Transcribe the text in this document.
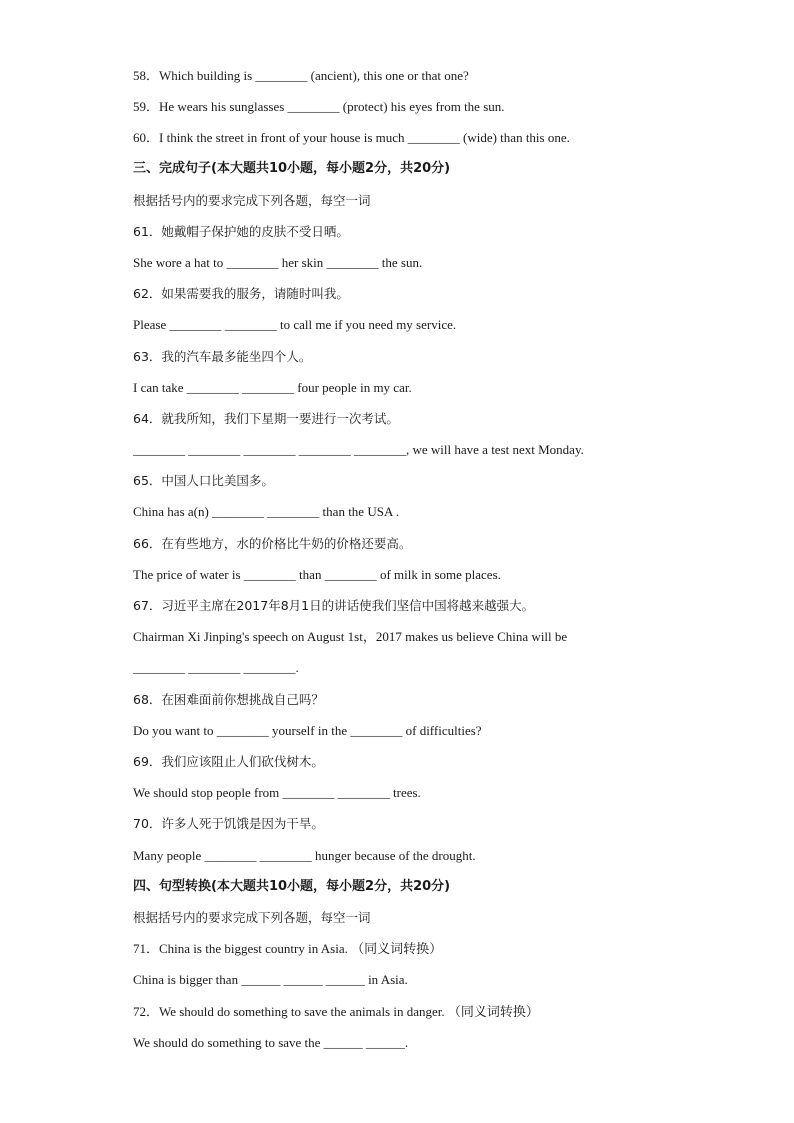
58．Which building is ________ (ancient), this one or that one?
59．He wears his sunglasses ________ (protect) his eyes from the sun.
60．I think the street in front of your house is much ________ (wide) than this one.
三、完成句子(本大题共10小题，每小题2分，共20分)
根据括号内的要求完成下列各题，每空一词
61．她戴帽子保护她的皮肤不受日晒。
She wore a hat to ________ her skin ________ the sun.
62．如果需要我的服务，请随时叫我。
Please ________ ________ to call me if you need my service.
63．我的汽车最多能坐四个人。
I can take ________ ________ four people in my car.
64．就我所知，我们下星期一要进行一次考试。
________ ________ ________ ________ ________, we will have a test next Monday.
65．中国人口比美国多。
China has a(n) ________ ________ than the USA .
66．在有些地方，水的价格比牛奶的价格还要高。
The price of water is ________ than ________ of milk in some places.
67．习近平主席在2017年8月1日的讲话使我们坚信中国将越来越强大。
Chairman Xi Jinping's speech on August 1st，2017 makes us believe China will be
________ ________ ________.
68．在困难面前你想挑战自己吗？
Do you want to ________ yourself in the ________ of difficulties?
69．我们应该阻止人们砍伐树木。
We should stop people from ________ ________ trees.
70．许多人死于饥饿是因为干旱。
Many people ________ ________ hunger because of the drought.
四、句型转换(本大题共10小题，每小题2分，共20分)
根据括号内的要求完成下列各题，每空一词
71．China is the biggest country in Asia. （同义词转换）
China is bigger than ______ ______ ______ in Asia.
72．We should do something to save the animals in danger. （同义词转换）
We should do something to save the ______ ______.
